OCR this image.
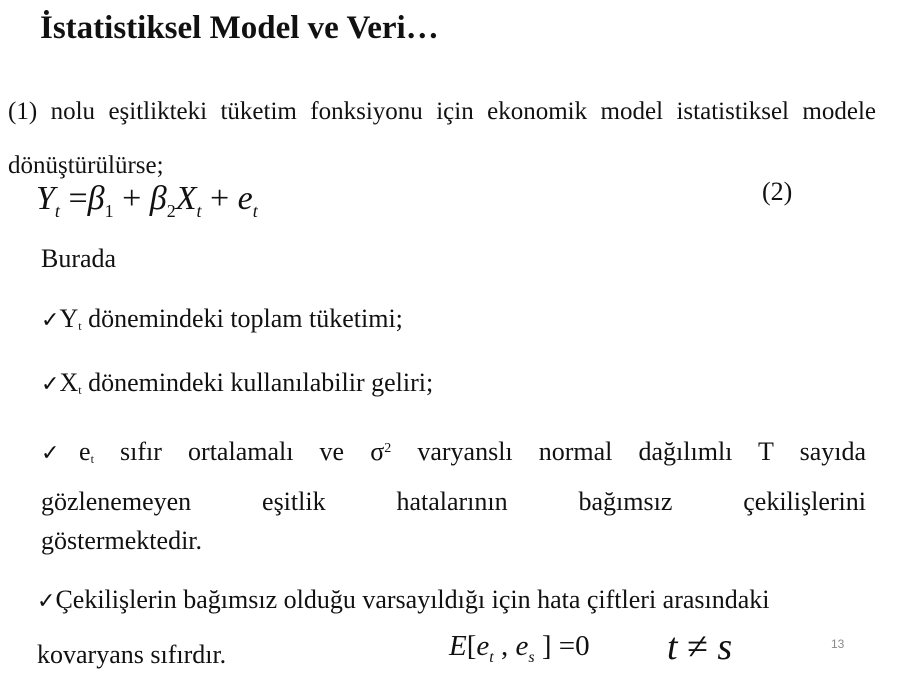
İstatistiksel Model ve Veri…
(1) nolu eşitlikteki tüketim fonksiyonu için ekonomik model istatistiksel modele dönüştürülürse;
$Y_t =\beta_1 + \beta_2X_t + e_t$
(2)
Burada
$✓Y_t$ dönemindeki toplam tüketimi;
$✓X_t$ dönemindeki kullanılabilir geliri;
$✓e_t$ sıfır ortalamalı ve $\sigma^2$ varyanslı normal dağılımlı T sayıda
gözlenemeyen eşitlik hatalarının bağımsız çekilişlerini
göstermektedir.
✓Çekilişlerin bağımsız olduğu varsayıldığı için hata çiftleri arasındaki
kovaryans sıfırdır.	$E[e_t$ , $e_s$ ] =0 t ≠ s	13
